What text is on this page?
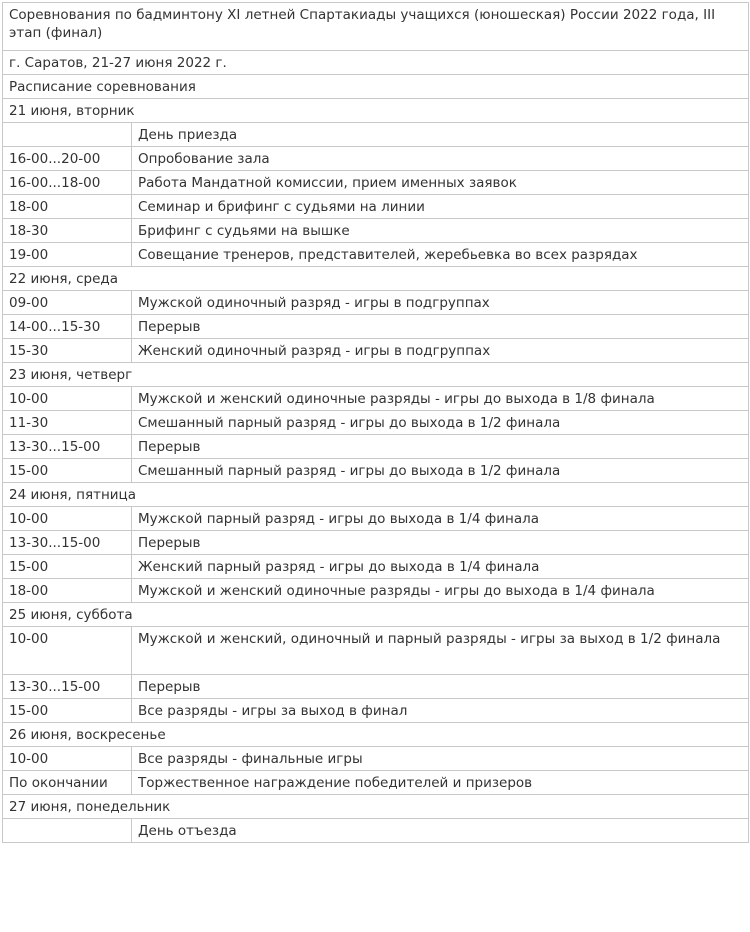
Соревнования по бадминтону XI летней Спартакиады учащихся (юношеская) России 2022 года, III этап (финал)	
г. Саратов, 21-27 июня 2022 г.	
Расписание соревнования	
21 июня, вторник	
	День приезда
16-00...20-00	Опробование зала
16-00...18-00	Работа Мандатной комиссии, прием именных заявок
18-00	Семинар и брифинг с судьями на линии
18-30	Брифинг с судьями на вышке
19-00	Совещание тренеров, представителей, жеребьевка во всех разрядах
22 июня, среда	
09-00	Мужской одиночный разряд - игры в подгруппах
14-00...15-30	Перерыв
15-30	Женский одиночный разряд - игры в подгруппах
23 июня, четверг	
10-00	Мужской и женский одиночные разряды - игры до выхода в 1/8 финала
11-30	Смешанный парный разряд - игры до выхода в 1/2 финала
13-30...15-00	Перерыв
15-00	Смешанный парный разряд - игры до выхода в 1/2 финала
24 июня, пятница	
10-00	Мужской парный разряд - игры до выхода в 1/4 финала
13-30...15-00	Перерыв
15-00	Женский парный разряд - игры до выхода в 1/4 финала
18-00	Мужской и женский одиночные разряды - игры до выхода в 1/4 финала
25 июня, суббота	
10-00	Мужской и женский, одиночный и парный разряды - игры за выход в 1/2 финала
13-30...15-00	Перерыв
15-00	Все разряды - игры за выход в финал
26 июня, воскресенье	
10-00	Все разряды - финальные игры
По окончании	Торжественное награждение победителей и призеров
27 июня, понедельник	
	День отъезда
